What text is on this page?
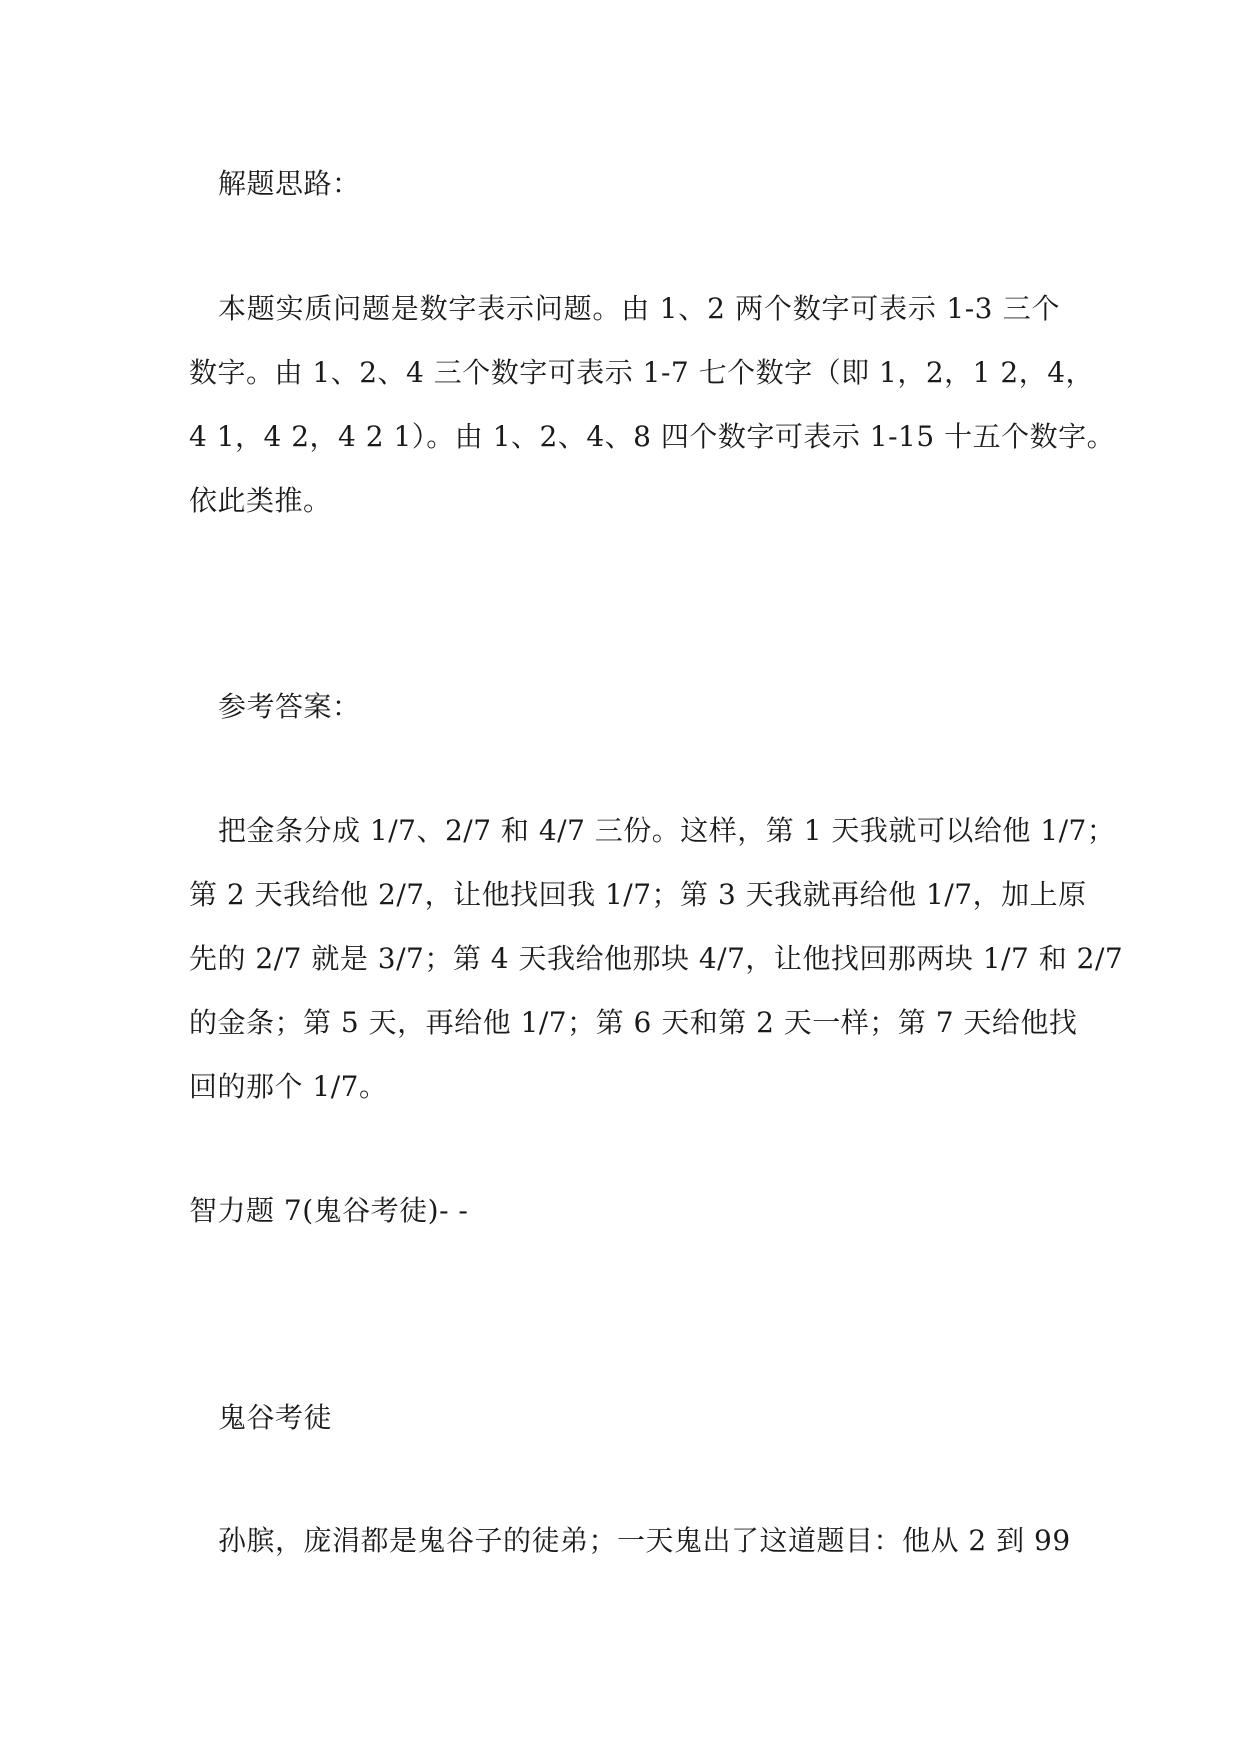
解题思路：
本题实质问题是数字表示问题。由 1、2 两个数字可表示 1-3 三个
数字。由 1、2、4 三个数字可表示 1-7 七个数字（即 1，2，1 2，4，
4 1，4 2，4 2 1）。由 1、2、4、8 四个数字可表示 1-15 十五个数字。
依此类推。
参考答案：
把金条分成 1/7、2/7 和 4/7 三份。这样，第 1 天我就可以给他 1/7；
第 2 天我给他 2/7，让他找回我 1/7；第 3 天我就再给他 1/7，加上原
先的 2/7 就是 3/7；第 4 天我给他那块 4/7，让他找回那两块 1/7 和 2/7
的金条；第 5 天，再给他 1/7；第 6 天和第 2 天一样；第 7 天给他找
回的那个 1/7。
智力题 7(鬼谷考徒)- -
鬼谷考徒
孙膑，庞涓都是鬼谷子的徒弟；一天鬼出了这道题目：他从 2 到 99
